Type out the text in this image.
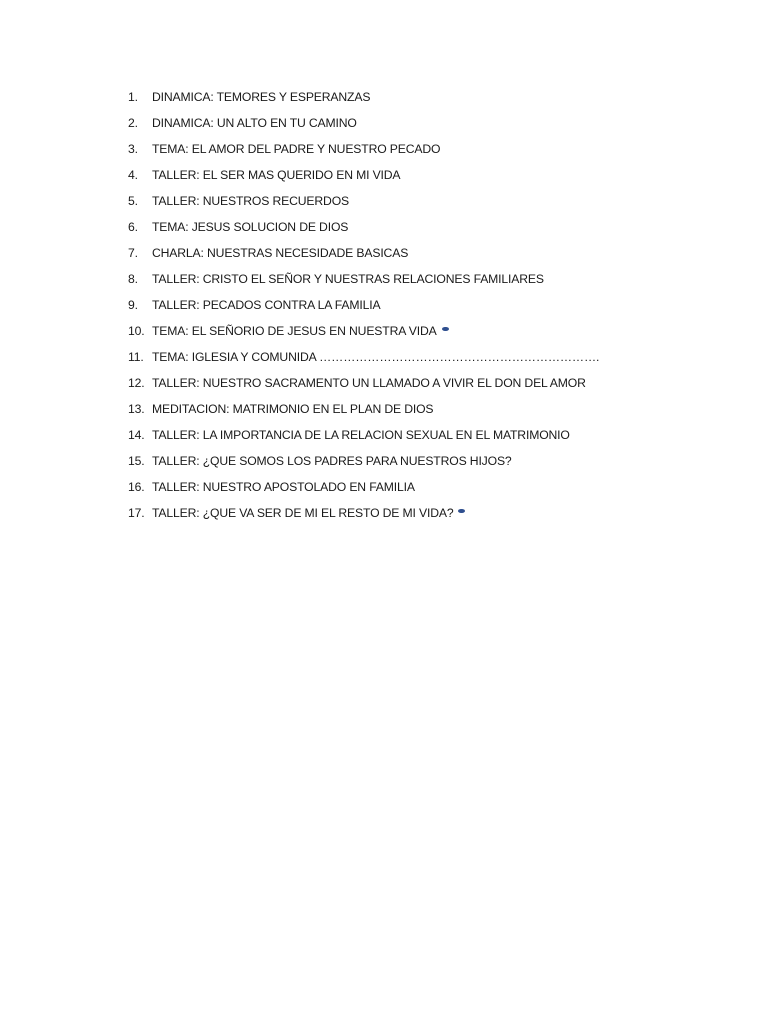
1.	DINAMICA: TEMORES Y ESPERANZAS
2.	DINAMICA: UN ALTO EN TU CAMINO
3.	TEMA: EL AMOR DEL PADRE Y NUESTRO PECADO
4.	TALLER: EL SER MAS QUERIDO EN MI VIDA
5.	TALLER: NUESTROS RECUERDOS
6.	TEMA: JESUS SOLUCION DE DIOS
7.	CHARLA: NUESTRAS NECESIDADE BASICAS
8.	TALLER: CRISTO EL SEÑOR Y NUESTRAS RELACIONES FAMILIARES
9.	TALLER: PECADOS CONTRA LA FAMILIA
10. TEMA: EL SEÑORIO DE JESUS EN NUESTRA VIDA
11. TEMA: IGLESIA Y COMUNIDA …………………………………………………………….
12. TALLER: NUESTRO SACRAMENTO UN LLAMADO A VIVIR EL DON DEL AMOR
13. MEDITACION: MATRIMONIO EN EL PLAN DE DIOS
14. TALLER: LA IMPORTANCIA DE LA RELACION SEXUAL EN EL MATRIMONIO
15. TALLER: ¿QUE SOMOS LOS PADRES PARA NUESTROS HIJOS?
16. TALLER: NUESTRO APOSTOLADO EN FAMILIA
17. TALLER: ¿QUE VA SER DE MI EL RESTO DE MI VIDA?
